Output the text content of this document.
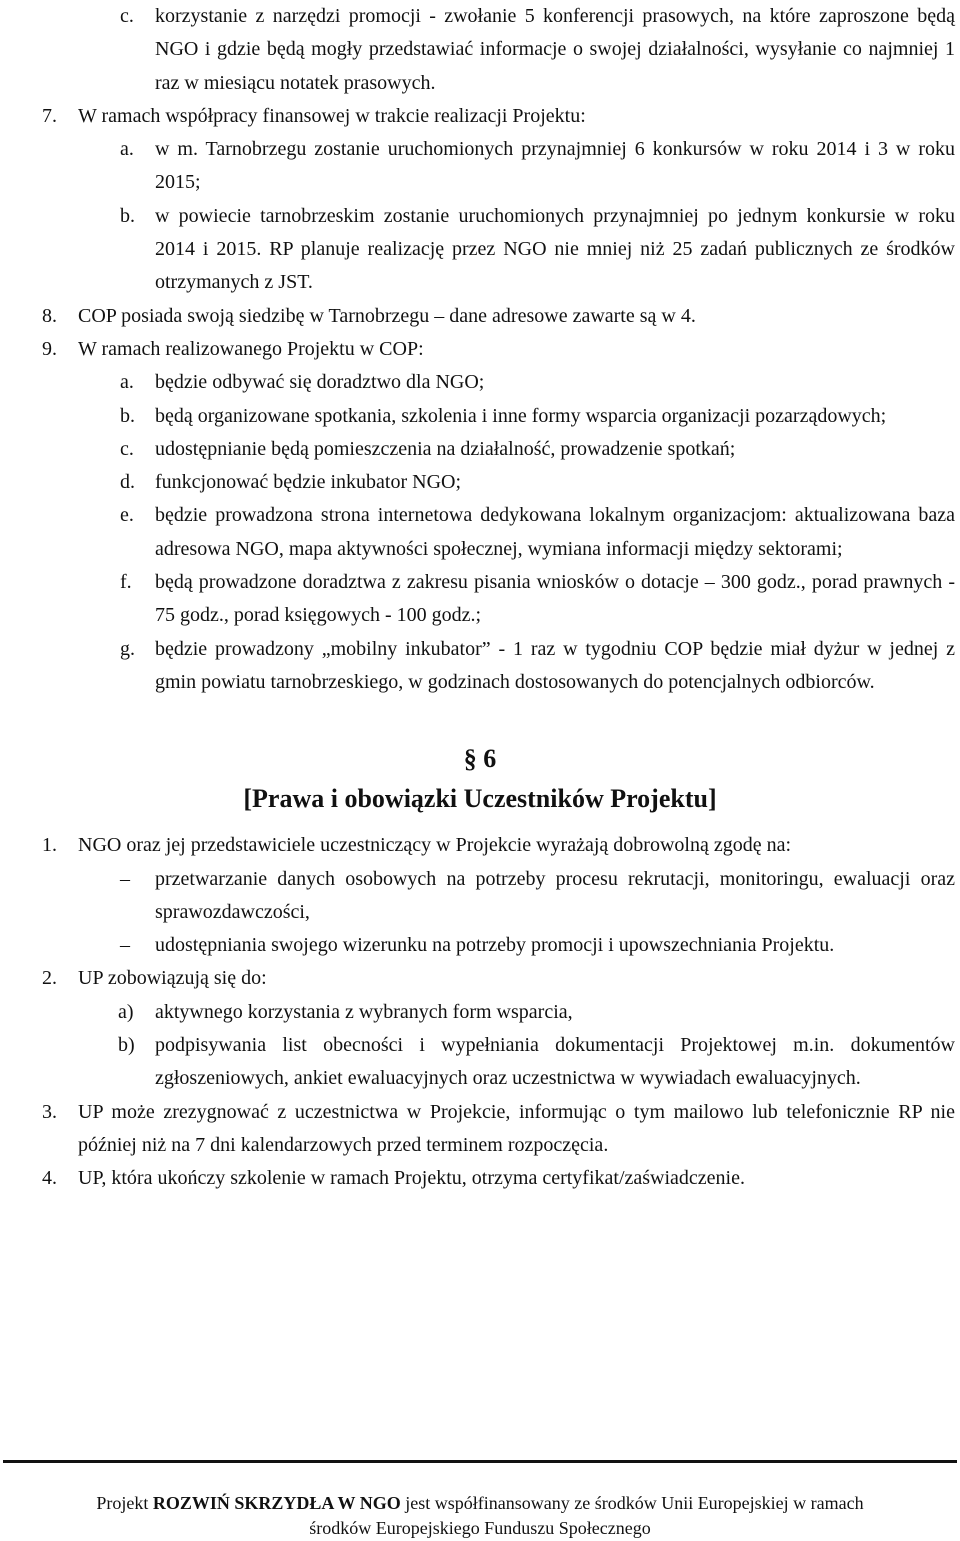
c.	korzystanie z narzędzi promocji - zwołanie 5 konferencji prasowych, na które zaproszone będą NGO i gdzie będą mogły przedstawiać informacje o swojej działalności, wysyłanie co najmniej 1 raz w miesiącu notatek prasowych.
7.	W ramach współpracy finansowej w trakcie realizacji Projektu:
a.	w m. Tarnobrzegu zostanie uruchomionych przynajmniej 6 konkursów w roku 2014 i 3 w roku 2015;
b.	w powiecie tarnobrzeskim zostanie uruchomionych przynajmniej po jednym konkursie w roku 2014 i 2015. RP planuje realizację przez NGO nie mniej niż 25 zadań publicznych ze środków otrzymanych z JST.
8.	COP posiada swoją siedzibę w Tarnobrzegu – dane adresowe zawarte są w 4.
9.	W ramach realizowanego Projektu w COP:
a.	będzie odbywać się doradztwo dla NGO;
b.	będą organizowane spotkania, szkolenia i inne formy wsparcia organizacji pozarządowych;
c.	udostępnianie będą pomieszczenia na działalność, prowadzenie spotkań;
d.	funkcjonować będzie inkubator NGO;
e.	będzie prowadzona strona internetowa dedykowana lokalnym organizacjom: aktualizowana baza adresowa NGO, mapa aktywności społecznej, wymiana informacji między sektorami;
f.	będą prowadzone doradztwa z zakresu pisania wniosków o dotacje – 300 godz., porad prawnych - 75 godz., porad księgowych - 100 godz.;
g.	będzie prowadzony „mobilny inkubator” - 1 raz w tygodniu COP będzie miał dyżur w jednej z gmin powiatu tarnobrzeskiego, w godzinach dostosowanych do potencjalnych odbiorców.
§ 6
[Prawa i obowiązki Uczestników Projektu]
1.	NGO oraz jej przedstawiciele uczestniczący w Projekcie wyrażają dobrowolną zgodę na:
–	przetwarzanie danych osobowych na potrzeby procesu rekrutacji, monitoringu, ewaluacji oraz sprawozdawczości,
–	udostępniania swojego wizerunku na potrzeby promocji i upowszechniania Projektu.
2.	UP zobowiązują się do:
a)	aktywnego korzystania z wybranych form wsparcia,
b)	podpisywania list obecności i wypełniania dokumentacji Projektowej m.in. dokumentów zgłoszeniowych, ankiet ewaluacyjnych oraz uczestnictwa w wywiadach ewaluacyjnych.
3.	UP może zrezygnować z uczestnictwa w Projekcie, informując o tym mailowo lub telefonicznie RP nie później niż na 7 dni kalendarzowych przed terminem rozpoczęcia.
4.	UP, która ukończy szkolenie w ramach Projektu, otrzyma certyfikat/zaświadczenie.
Projekt ROZWIŃ SKRZYDŁA W NGO jest współfinansowany ze środków Unii Europejskiej w ramach
środków Europejskiego Funduszu Społecznego
